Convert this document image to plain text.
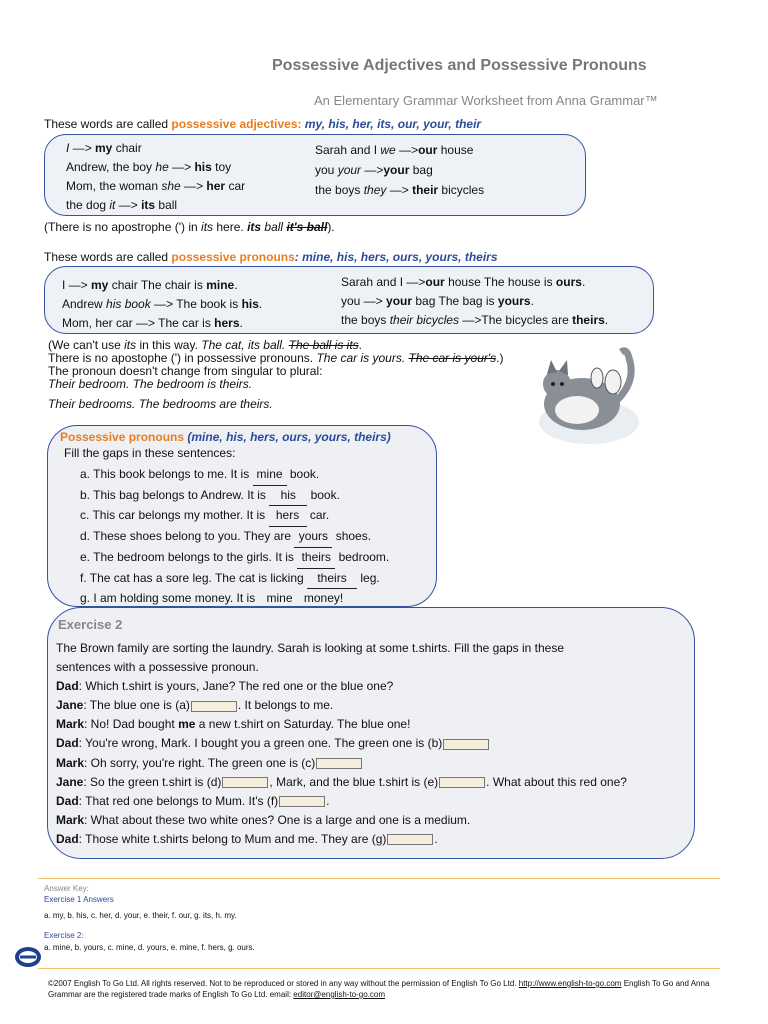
Possessive Adjectives and Possessive Pronouns
An Elementary Grammar Worksheet from Anna Grammar™
These words are called possessive adjectives: my, his, her, its, our, your, their
I —> my chair
Andrew, the boy he —> his toy
Mom, the woman she —> her car
the dog it —> its ball
Sarah and I we —>our house
you your —>your bag
the boys they —> their bicycles
(There is no apostrophe (') in its here. its ball it's ball).
These words are called possessive pronouns: mine, his, hers, ours, yours, theirs
I —> my chair The chair is mine.
Andrew his book —> The book is his.
Mom, her car —> The car is hers.
Sarah and I —>our house The house is ours.
you —> your bag The bag is yours.
the boys their bicycles —>The bicycles are theirs.
(We can't use its in this way. The cat, its ball. The ball is its.
There is no apostophe (') in possessive pronouns. The car is yours. The car is your's.)
The pronoun doesn't change from singular to plural:
Their bedroom. The bedroom is theirs.
Their bedrooms. The bedrooms are theirs.
Possessive pronouns (mine, his, hers, ours, yours, theirs)
Fill the gaps in these sentences:
a. This book belongs to me. It is mine book.
b. This bag belongs to Andrew. It is his book.
c. This car belongs my mother. It is hers car.
d. These shoes belong to you. They are yours shoes.
e. The bedroom belongs to the girls. It is theirs bedroom.
f. The cat has a sore leg. The cat is licking theirs leg.
g. I am holding some money. It is mine money!
Exercise 2
The Brown family are sorting the laundry. Sarah is looking at some t.shirts. Fill the gaps in these
sentences with a possessive pronoun.
Dad: Which t.shirt is yours, Jane? The red one or the blue one?
Jane: The blue one is (a)	. It belongs to me.
Mark: No! Dad bought me a new t.shirt on Saturday. The blue one!
Dad: You're wrong, Mark. I bought you a green one. The green one is (b)
Mark: Oh sorry, you're right. The green one is (c)
Jane: So the green t.shirt is (d)	, Mark, and the blue t.shirt is (e)	. What about this red one?
Dad: That red one belongs to Mum. It's (f)	.
Mark: What about these two white ones? One is a large and one is a medium.
Dad: Those white t.shirts belong to Mum and me. They are (g)	.
Answer Key:
Exercise 1 Answers
a. my, b. his, c. her, d. your, e. their, f. our, g. its, h. my.
Exercise 2:
a. mine, b. yours, c. mine, d. yours, e. mine, f. hers, g. ours.
©2007 English To Go Ltd. All rights reserved. Not to be reproduced or stored in any way without the permission of English To Go Ltd. http://www.english-to-go.com English To Go and Anna
Grammar are the registered trade marks of English To Go Ltd. email: editor@english-to-go.com
